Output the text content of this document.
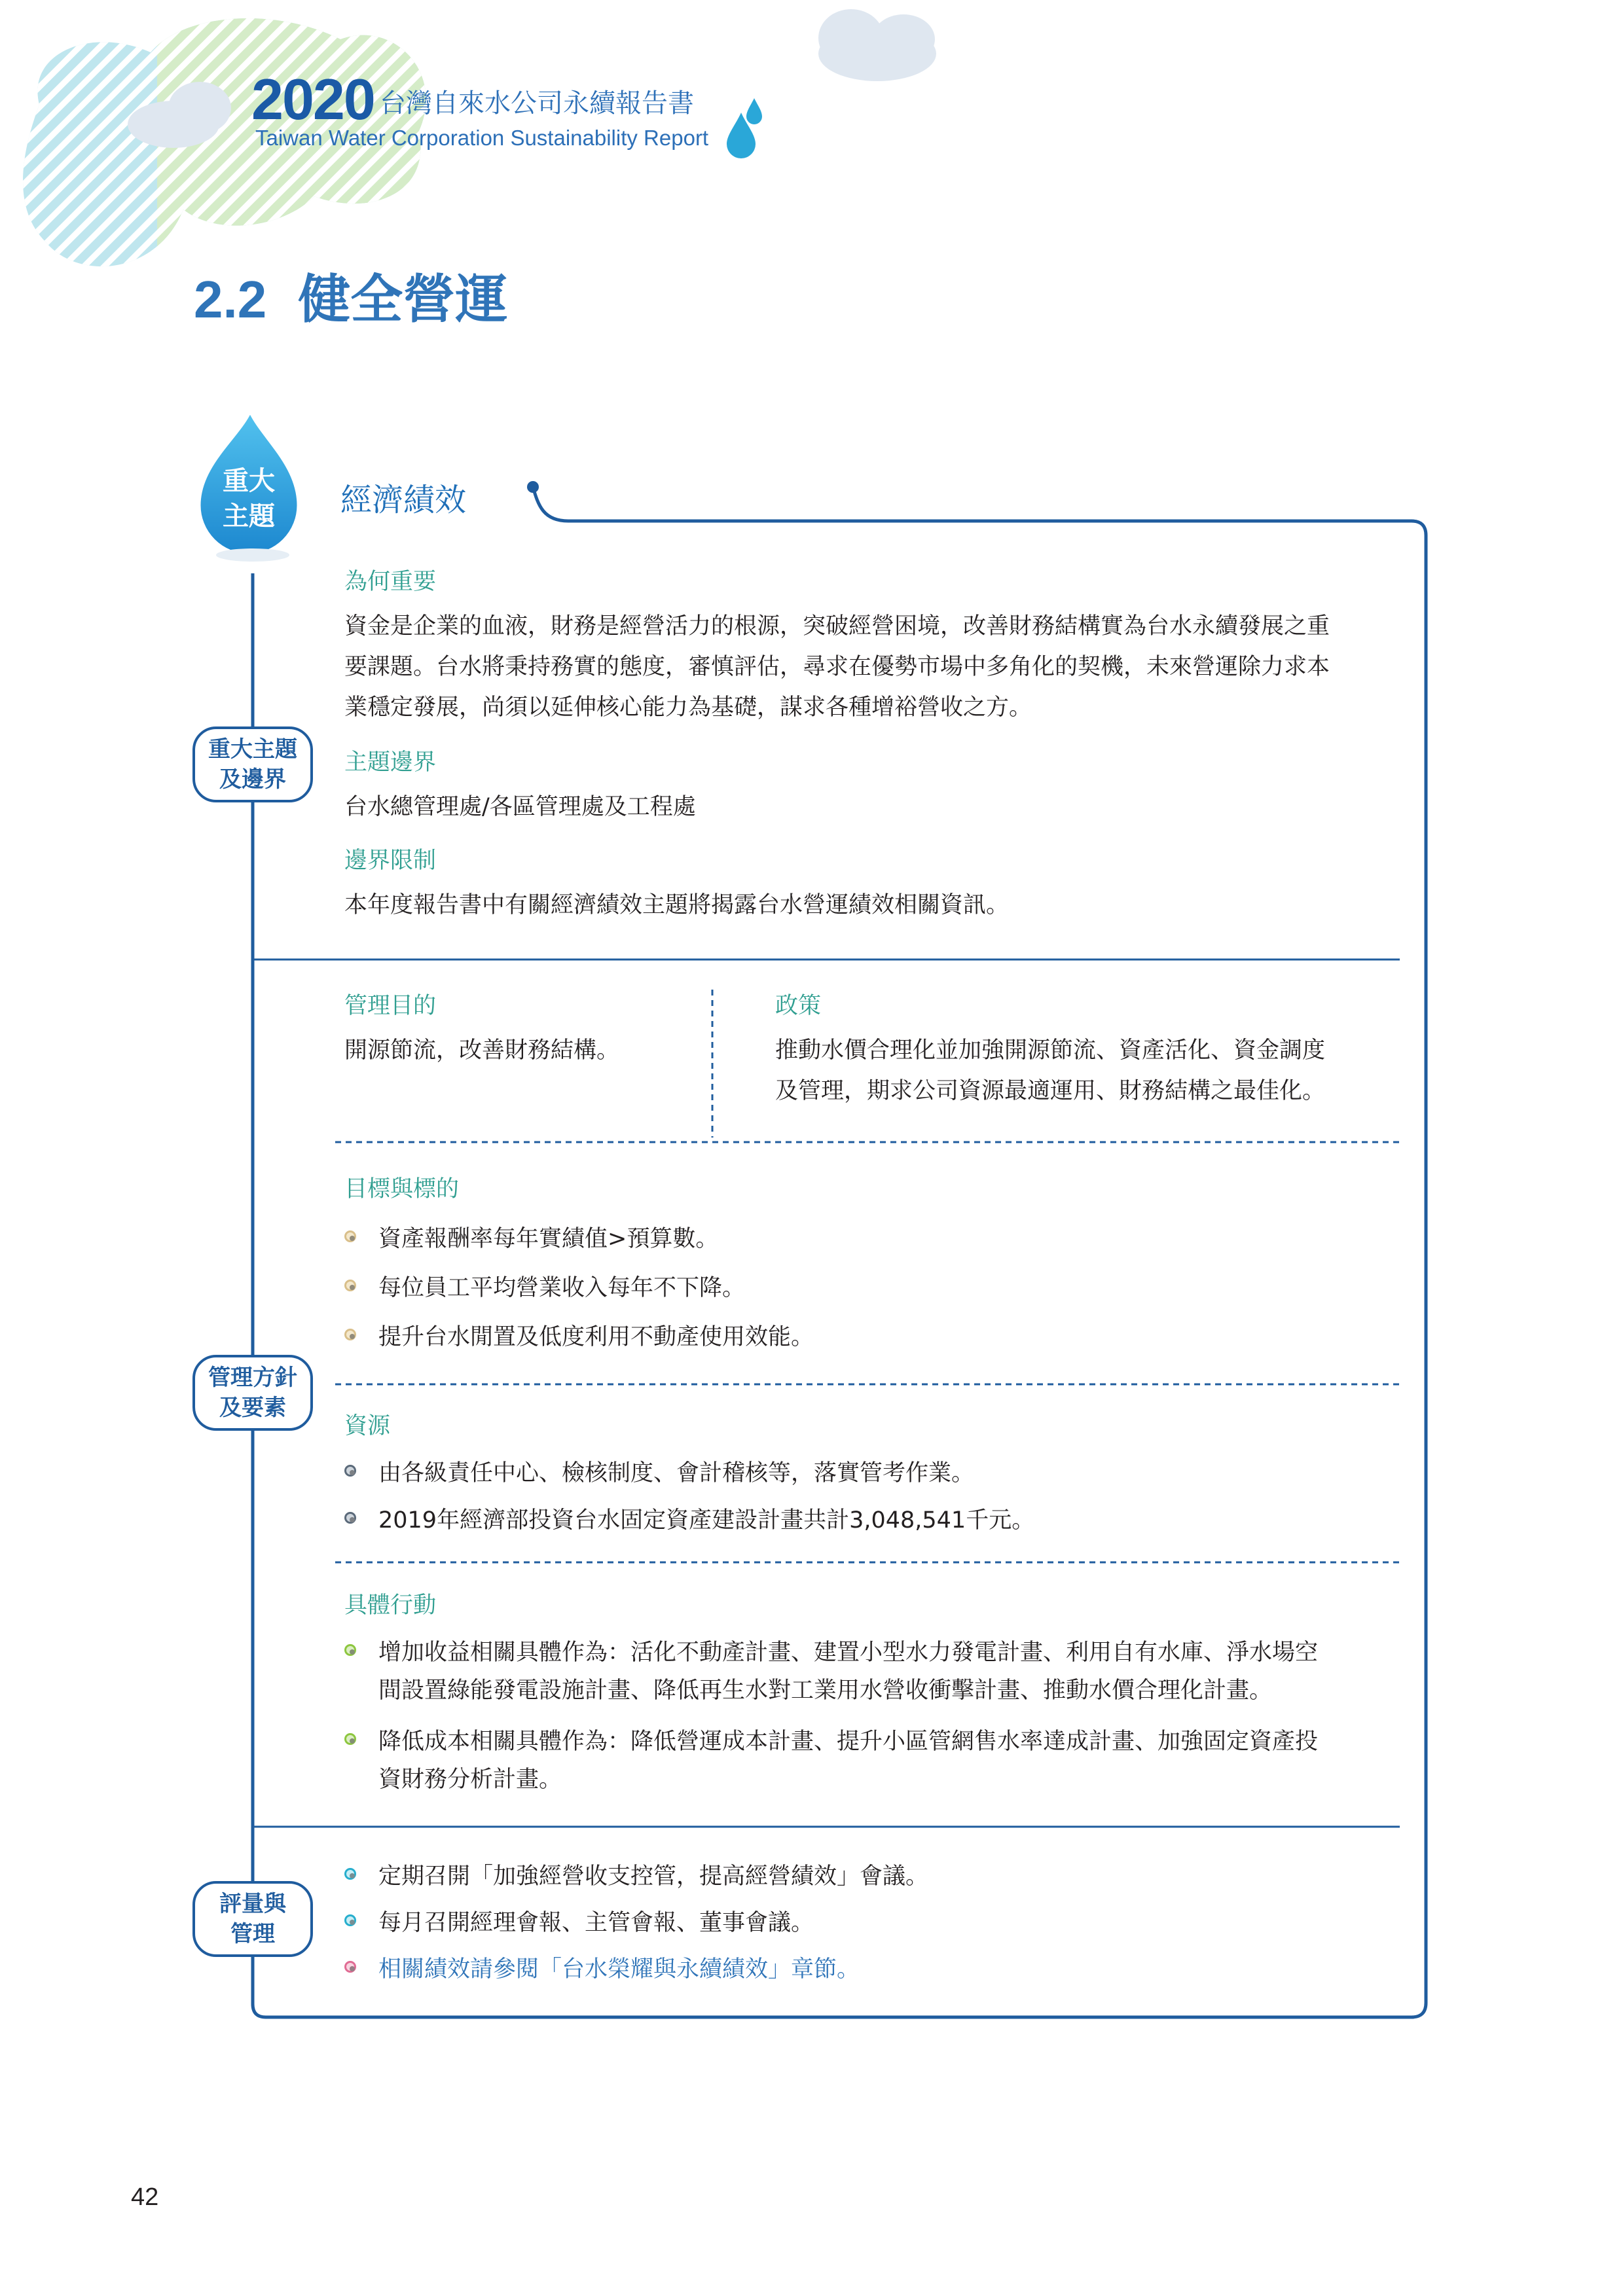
2020 台灣自來水公司永續報告書
Taiwan Water Corporation Sustainability Report
2.2 健全營運
重大
主題	經濟績效
重大主題
及邊界
管理方針
及要素
評量與
管理
為何重要
資金是企業的血液，財務是經營活力的根源，突破經營困境，改善財務結構實為台水永續發展之重
要課題。台水將秉持務實的態度，審慎評估，尋求在優勢市場中多角化的契機，未來營運除力求本
業穩定發展，尚須以延伸核心能力為基礎，謀求各種增裕營收之方。
主題邊界
台水總管理處/各區管理處及工程處
邊界限制
本年度報告書中有關經濟績效主題將揭露台水營運績效相關資訊。
管理目的
開源節流，改善財務結構。
政策
推動水價合理化並加強開源節流、資產活化、資金調度
及管理，期求公司資源最適運用、財務結構之最佳化。
目標與標的
資產報酬率每年實績值>預算數。
每位員工平均營業收入每年不下降。
提升台水閒置及低度利用不動產使用效能。
資源
由各級責任中心、檢核制度、會計稽核等，落實管考作業。
2019年經濟部投資台水固定資產建設計畫共計3,048,541千元。
具體行動
增加收益相關具體作為：活化不動產計畫、建置小型水力發電計畫、利用自有水庫、淨水場空
間設置綠能發電設施計畫、降低再生水對工業用水營收衝擊計畫、推動水價合理化計畫。
降低成本相關具體作為：降低營運成本計畫、提升小區管網售水率達成計畫、加強固定資產投
資財務分析計畫。
定期召開「加強經營收支控管，提高經營績效」會議。
每月召開經理會報、主管會報、董事會議。
相關績效請參閱「台水榮耀與永續績效」章節。
42
